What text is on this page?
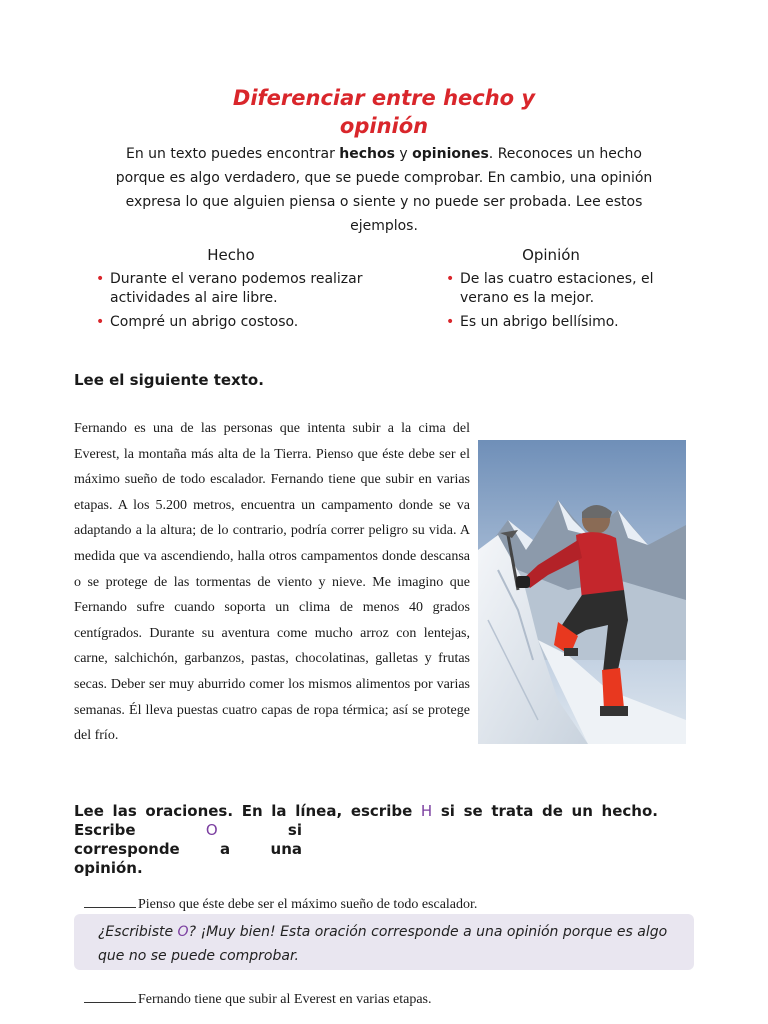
Diferenciar entre hecho y
opinión
En un texto puedes encontrar hechos y opiniones. Reconoces un hecho porque es algo verdadero, que se puede comprobar. En cambio, una opinión expresa lo que alguien piensa o siente y no puede ser probada. Lee estos ejemplos.
Hecho	Opinión
• Durante el verano podemos realizar actividades al aire libre.
• Compré un abrigo costoso.
• De las cuatro estaciones, el verano es la mejor.
• Es un abrigo bellísimo.
Lee el siguiente texto.
Fernando es una de las personas que intenta subir a la cima del Everest, la montaña más alta de la Tierra. Pienso que éste debe ser el máximo sueño de todo escalador. Fernando tiene que subir en varias etapas. A los 5.200 metros, encuentra un campamento donde se va adaptando a la altura; de lo contrario, podría correr peligro su vida. A medida que va ascendiendo, halla otros campamentos donde descansa o se protege de las tormentas de viento y nieve. Me imagino que Fernando sufre cuando soporta un clima de menos 40 grados centígrados. Durante su aventura come mucho arroz con lentejas, carne, salchichón, garbanzos, pastas, chocolatinas, galletas y frutas secas. Deber ser muy aburrido comer los mismos alimentos por varias semanas. Él lleva puestas cuatro capas de ropa térmica; así se protege del frío.
Lee las oraciones. En la línea, escribe H si se trata de un hecho.
Escribe O si
corresponde a una
opinión.
Pienso que éste debe ser el máximo sueño de todo escalador.

¿Escribiste O? ¡Muy bien! Esta oración corresponde a una opinión porque es algo que no se puede comprobar.

Fernando tiene que subir al Everest en varias etapas.
